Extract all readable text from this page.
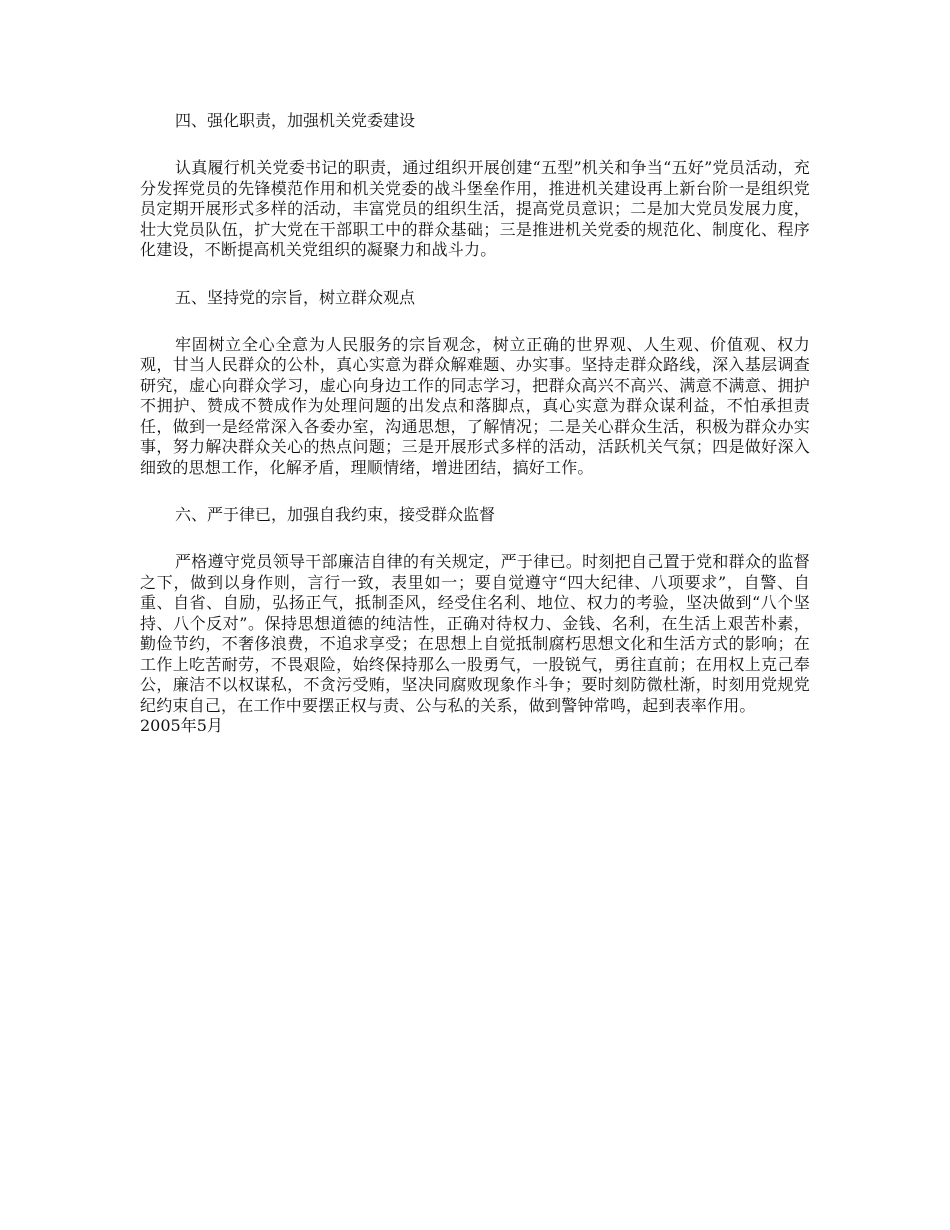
四、强化职责，加强机关党委建设

认真履行机关党委书记的职责，通过组织开展创建“五型”机关和争当“五好”党员活动，充分发挥党员的先锋模范作用和机关党委的战斗堡垒作用，推进机关建设再上新台阶一是组织党员定期开展形式多样的活动，丰富党员的组织生活，提高党员意识；二是加大党员发展力度，壮大党员队伍，扩大党在干部职工中的群众基础；三是推进机关党委的规范化、制度化、程序化建设，不断提高机关党组织的凝聚力和战斗力。

五、坚持党的宗旨，树立群众观点

牢固树立全心全意为人民服务的宗旨观念，树立正确的世界观、人生观、价值观、权力观，甘当人民群众的公朴，真心实意为群众解难题、办实事。坚持走群众路线，深入基层调查研究，虚心向群众学习，虚心向身边工作的同志学习，把群众高兴不高兴、满意不满意、拥护不拥护、赞成不赞成作为处理问题的出发点和落脚点，真心实意为群众谋利益，不怕承担责任，做到一是经常深入各委办室，沟通思想，了解情况；二是关心群众生活，积极为群众办实事，努力解决群众关心的热点问题；三是开展形式多样的活动，活跃机关气氛；四是做好深入细致的思想工作，化解矛盾，理顺情绪，增进团结，搞好工作。

六、严于律已，加强自我约束，接受群众监督

严格遵守党员领导干部廉洁自律的有关规定，严于律已。时刻把自己置于党和群众的监督之下，做到以身作则，言行一致，表里如一；要自觉遵守“四大纪律、八项要求”，自警、自重、自省、自励，弘扬正气，抵制歪风，经受住名利、地位、权力的考验，坚决做到“八个坚持、八个反对”。保持思想道德的纯洁性，正确对待权力、金钱、名利，在生活上艰苦朴素，勤俭节约，不奢侈浪费，不追求享受；在思想上自觉抵制腐朽思想文化和生活方式的影响；在工作上吃苦耐劳，不畏艰险，始终保持那么一股勇气，一股锐气，勇往直前；在用权上克己奉公，廉洁不以权谋私，不贪污受贿，坚决同腐败现象作斗争；要时刻防微杜渐，时刻用党规党纪约束自己，在工作中要摆正权与责、公与私的关系，做到警钟常鸣，起到表率作用。

2005年5月
